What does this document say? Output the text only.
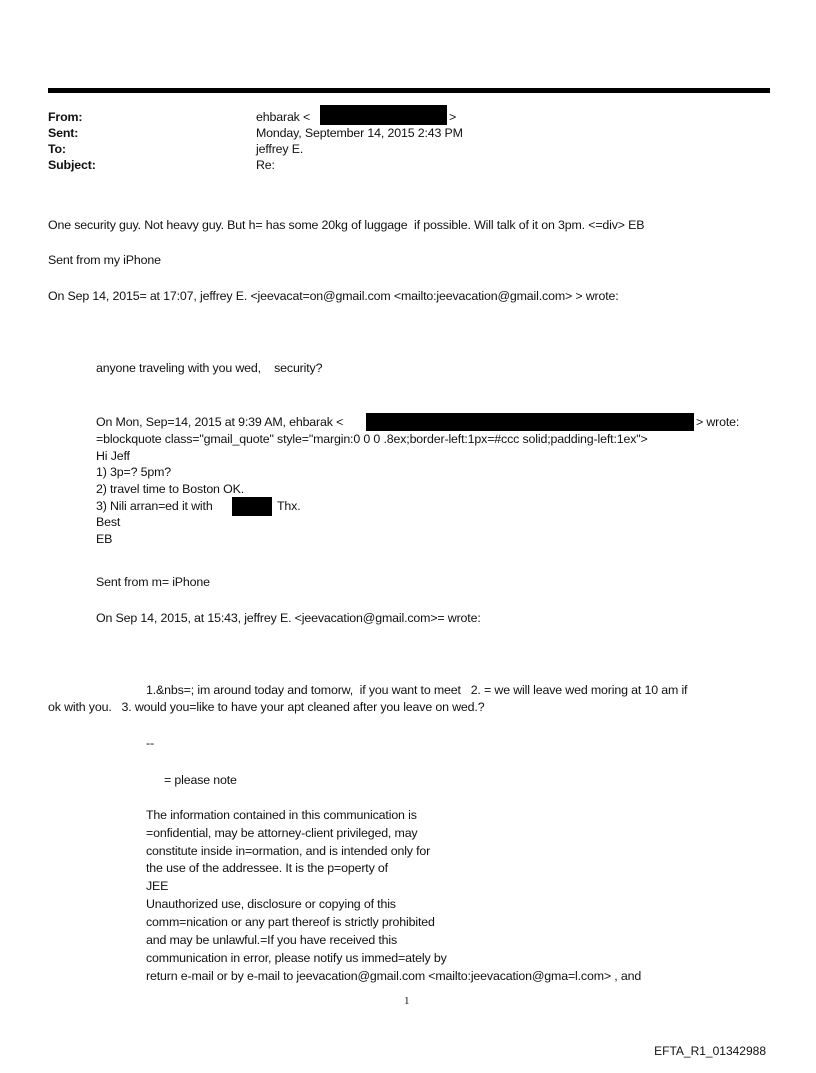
From:	ehbarak <	>
Sent:	Monday, September 14, 2015 2:43 PM
To:	jeffrey E.
Subject:	Re:
One security guy. Not heavy guy. But h= has some 20kg of luggage  if possible. Will talk of it on 3pm. <=div> EB
Sent from my iPhone
On Sep 14, 2015= at 17:07, jeffrey E. <jeevacat=on@gmail.com <mailto:jeevacation@gmail.com> > wrote:
anyone traveling with you wed,    security?
On Mon, Sep=14, 2015 at 9:39 AM, ehbarak <	> wrote:
=blockquote class="gmail_quote" style="margin:0 0 0 .8ex;border-left:1px=#ccc solid;padding-left:1ex">
Hi Jeff
1) 3p=? 5pm?
2) travel time to Boston OK.
3) Nili arran=ed it with	Thx.
Best
EB
Sent from m= iPhone
On Sep 14, 2015, at 15:43, jeffrey E. <jeevacation@gmail.com>= wrote:
1.&nbs=; im around today and tomorw,  if you want to meet   2. = we will leave wed moring at 10 am if
ok with you.   3. would you=like to have your apt cleaned after you leave on wed.?
--
= please note
The information contained in this communication is
=onfidential, may be attorney-client privileged, may
constitute inside in=ormation, and is intended only for
the use of the addressee. It is the p=operty of
JEE
Unauthorized use, disclosure or copying of this
comm=nication or any part thereof is strictly prohibited
and may be unlawful.=If you have received this
communication in error, please notify us immed=ately by
return e-mail or by e-mail to jeevacation@gmail.com <mailto:jeevacation@gma=l.com> , and
1
EFTA_R1_01342988
